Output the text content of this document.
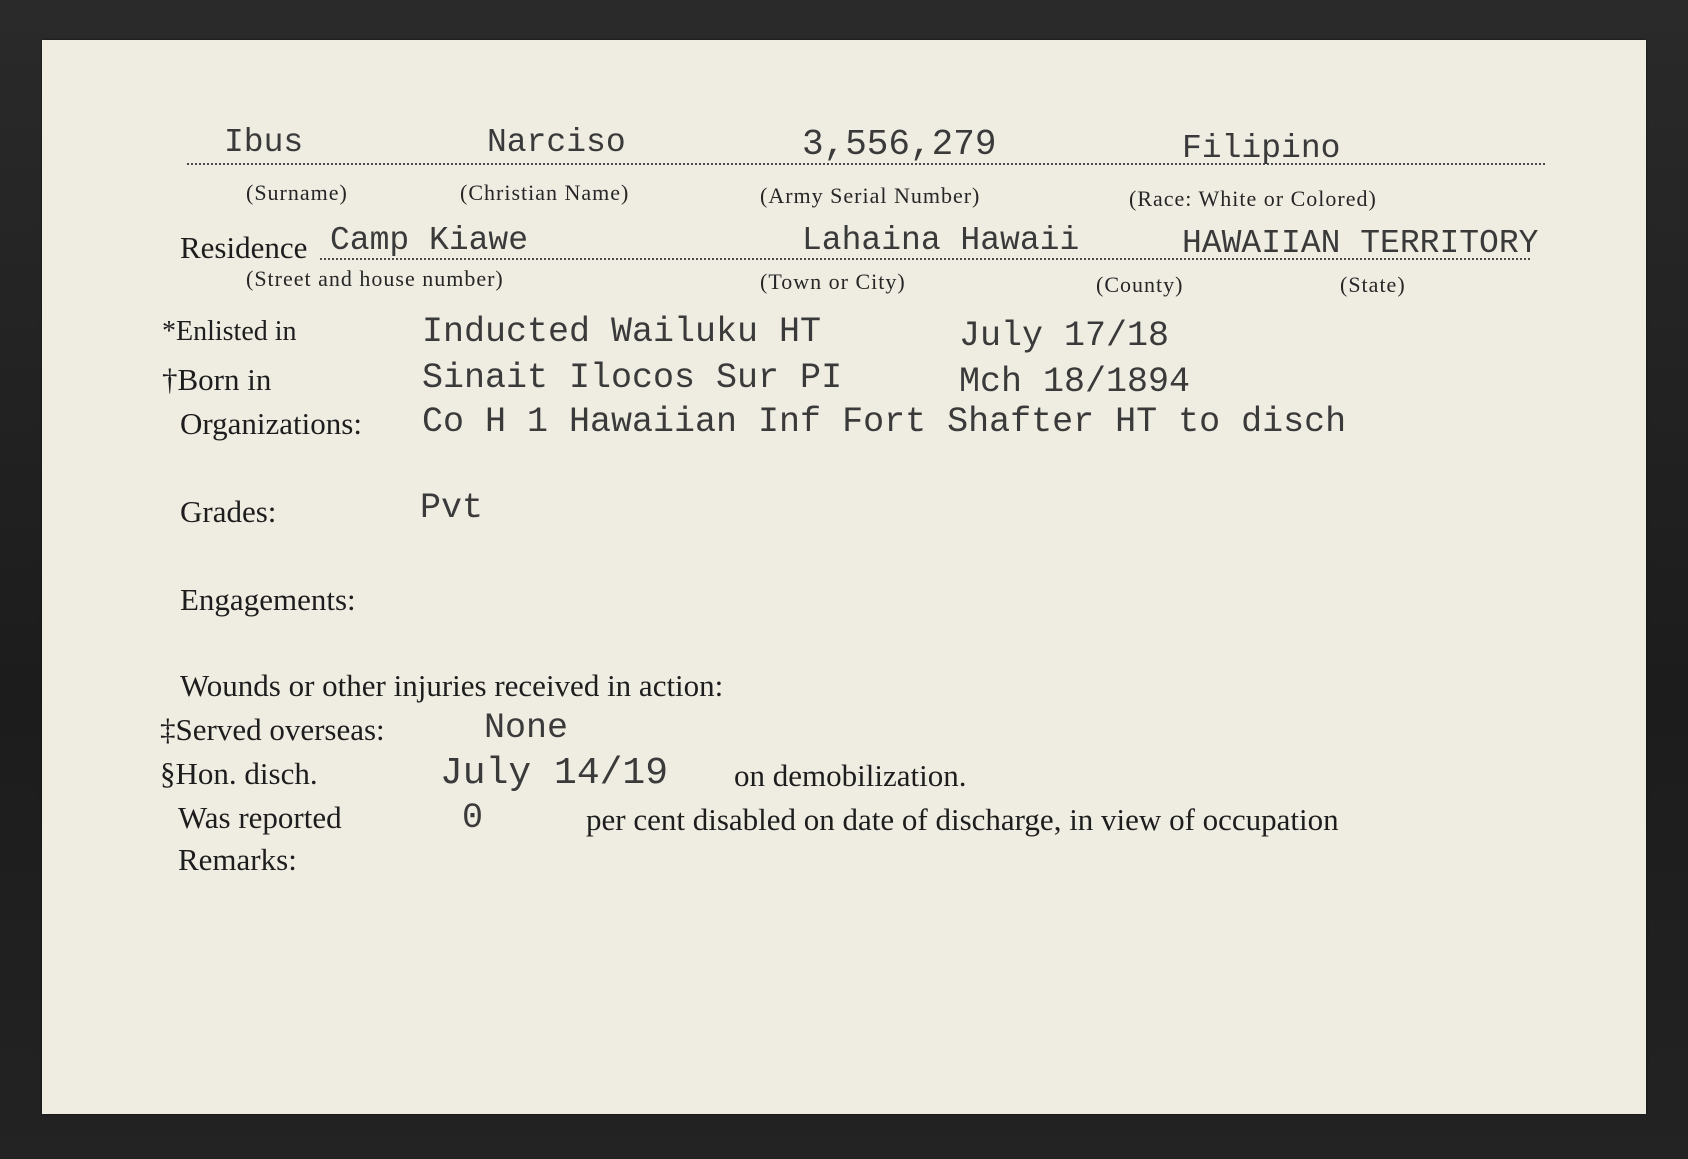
Ibus	Narciso	3,556,279	Filipino
(Surname)	(Christian Name)	(Army Serial Number)	(Race: White or Colored)
Residence Camp Kiawe	Lahaina Hawaii	HAWAIIAN TERRITORY
(Street and house number)	(Town or City)	(County)	(State)
*Enlisted in	Inducted Wailuku HT	July 17/18
†Born in	Sinait Ilocos Sur PI	Mch 18/1894
Organizations: Co H 1 Hawaiian Inf Fort Shafter HT to disch
Grades:	Pvt
Engagements:
Wounds or other injuries received in action:
‡Served overseas:	None
§Hon. disch.	July 14/19 on demobilization.
Was reported	0	per cent disabled on date of discharge, in view of occupation
Remarks:
